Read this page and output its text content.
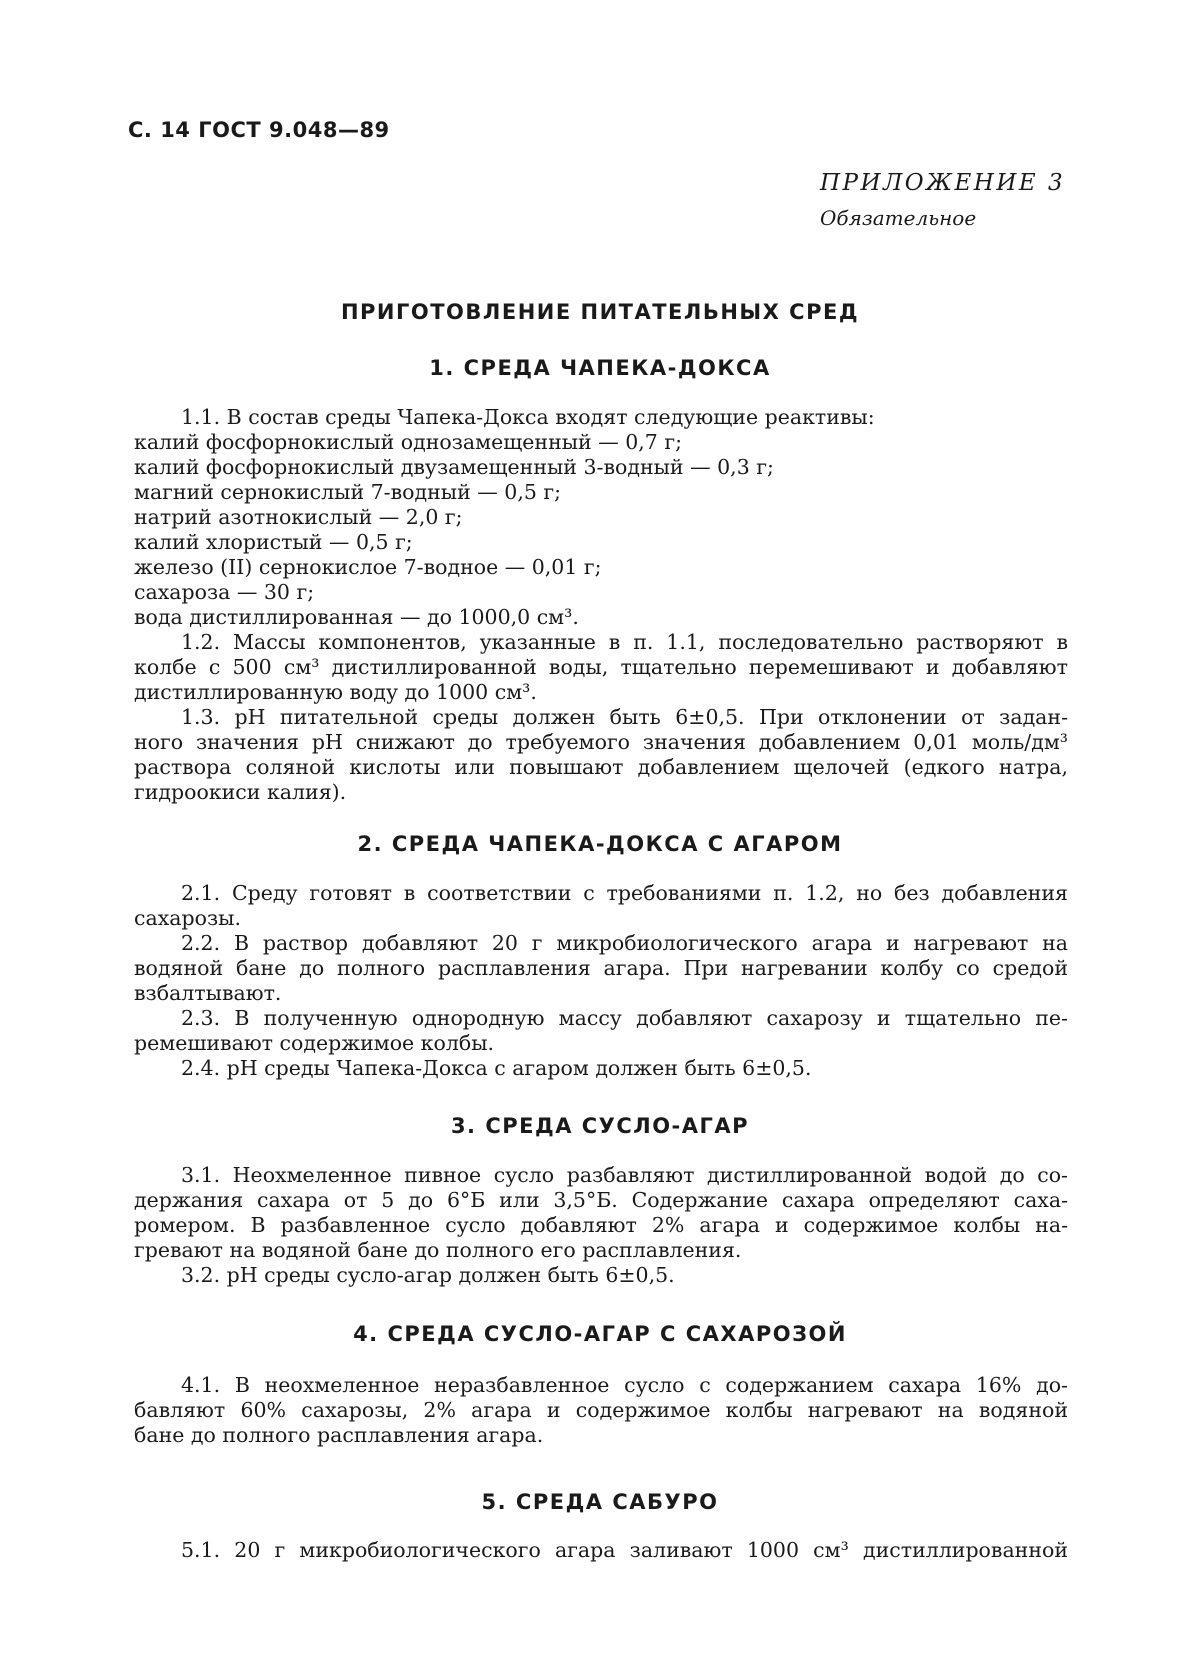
С. 14 ГОСТ 9.048—89
ПРИЛОЖЕНИЕ 3
Обязательное
ПРИГОТОВЛЕНИЕ ПИТАТЕЛЬНЫХ СРЕД
1. СРЕДА ЧАПЕКА-ДОКСА
1.1. В состав среды Чапека-Докса входят следующие реактивы:
калий фосфорнокислый однозамещенный — 0,7 г;
калий фосфорнокислый двузамещенный 3-водный — 0,3 г;
магний сернокислый 7-водный — 0,5 г;
натрий азотнокислый — 2,0 г;
калий хлористый — 0,5 г;
железо (II) сернокислое 7-водное — 0,01 г;
сахароза — 30 г;
вода дистиллированная — до 1000,0 см³.
1.2. Массы компонентов, указанные в п. 1.1, последовательно растворяют в
колбе с 500 см³ дистиллированной воды, тщательно перемешивают и добавляют
дистиллированную воду до 1000 см³.
1.3. pH питательной среды должен быть 6±0,5. При отклонении от задан-
ного значения pH снижают до требуемого значения добавлением 0,01 моль/дм³
раствора соляной кислоты или повышают добавлением щелочей (едкого натра,
гидроокиси калия).
2. СРЕДА ЧАПЕКА-ДОКСА С АГАРОМ
2.1. Среду готовят в соответствии с требованиями п. 1.2, но без добавления
сахарозы.
2.2. В раствор добавляют 20 г микробиологического агара и нагревают на
водяной бане до полного расплавления агара. При нагревании колбу со средой
взбалтывают.
2.3. В полученную однородную массу добавляют сахарозу и тщательно пе-
ремешивают содержимое колбы.
2.4. pH среды Чапека-Докса с агаром должен быть 6±0,5.
3. СРЕДА СУСЛО-АГАР
3.1. Неохмеленное пивное сусло разбавляют дистиллированной водой до со-
держания сахара от 5 до 6°Б или 3,5°Б. Содержание сахара определяют саха-
ромером. В разбавленное сусло добавляют 2% агара и содержимое колбы на-
гревают на водяной бане до полного его расплавления.
3.2. pH среды сусло-агар должен быть 6±0,5.
4. СРЕДА СУСЛО-АГАР С САХАРОЗОЙ
4.1. В неохмеленное неразбавленное сусло с содержанием сахара 16% до-
бавляют 60% сахарозы, 2% агара и содержимое колбы нагревают на водяной
бане до полного расплавления агара.
5. СРЕДА САБУРО
5.1. 20 г микробиологического агара заливают 1000 см³ дистиллированной
